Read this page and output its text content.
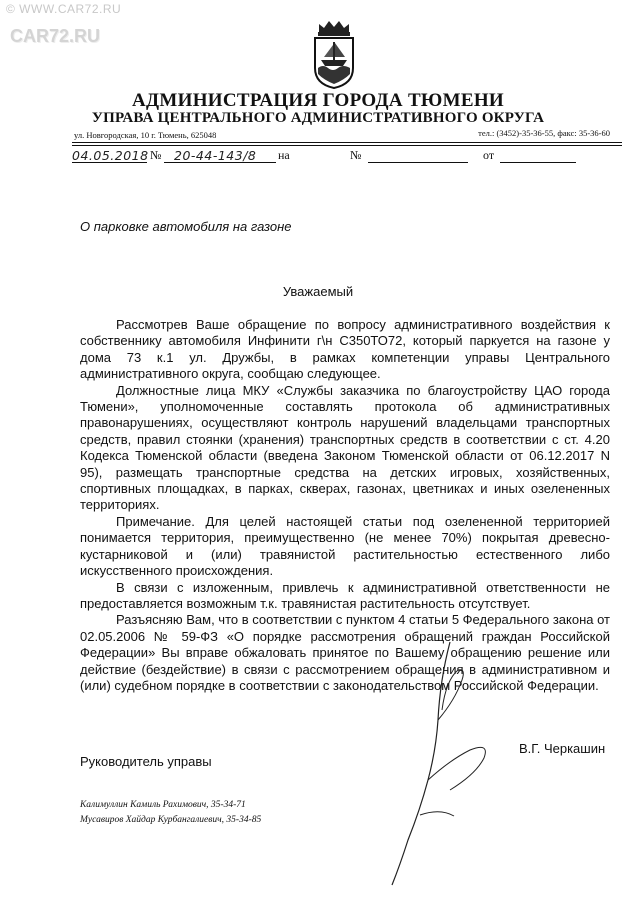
© WWW.CAR72.RU
CAR72.RU
АДМИНИСТРАЦИЯ ГОРОДА ТЮМЕНИ
УПРАВА ЦЕНТРАЛЬНОГО АДМИНИСТРАТИВНОГО ОКРУГА
ул. Новгородская, 10 г. Тюмень, 625048	тел.: (3452)-35-36-55, факс: 35-36-60
04.05.2018 №	20-44-143/8	на	№	от
О парковке автомобиля на газоне
Уважаемый

Рассмотрев Ваше обращение по вопросу административного воздействия к собственнику автомобиля Инфинити г\н С350ТО72, который паркуется на газоне у дома 73 к.1 ул. Дружбы, в рамках компетенции управы Центрального административного округа, сообщаю следующее.

Должностные лица МКУ «Службы заказчика по благоустройству ЦАО города Тюмени», уполномоченные составлять протокола об административных правонарушениях, осуществляют контроль нарушений владельцами транспортных средств, правил стоянки (хранения) транспортных средств в соответствии с ст. 4.20 Кодекса Тюменской области (введена Законом Тюменской области от 06.12.2017 N 95), размещать транспортные средства на детских игровых, хозяйственных, спортивных площадках, в парках, скверах, газонах, цветниках и иных озелененных территориях.

Примечание. Для целей настоящей статьи под озелененной территорией понимается территория, преимущественно (не менее 70%) покрытая древесно-кустарниковой и (или) травянистой растительностью естественного либо искусственного происхождения.

В связи с изложенным, привлечь к административной ответственности не предоставляется возможным т.к. травянистая растительность отсутствует.

Разъясняю Вам, что в соответствии с пунктом 4 статьи 5 Федерального закона от 02.05.2006 № 59-ФЗ «О порядке рассмотрения обращений граждан Российской Федерации» Вы вправе обжаловать принятое по Вашему обращению решение или действие (бездействие) в связи с рассмотрением обращения в административном и (или) судебном порядке в соответствии с законодательством Российской Федерации.

Руководитель управы
В.Г. Черкашин
Калимуллин Камиль Рахимович, 35-34-71
Мусавиров Хайдар Курбангалиевич, 35-34-85
